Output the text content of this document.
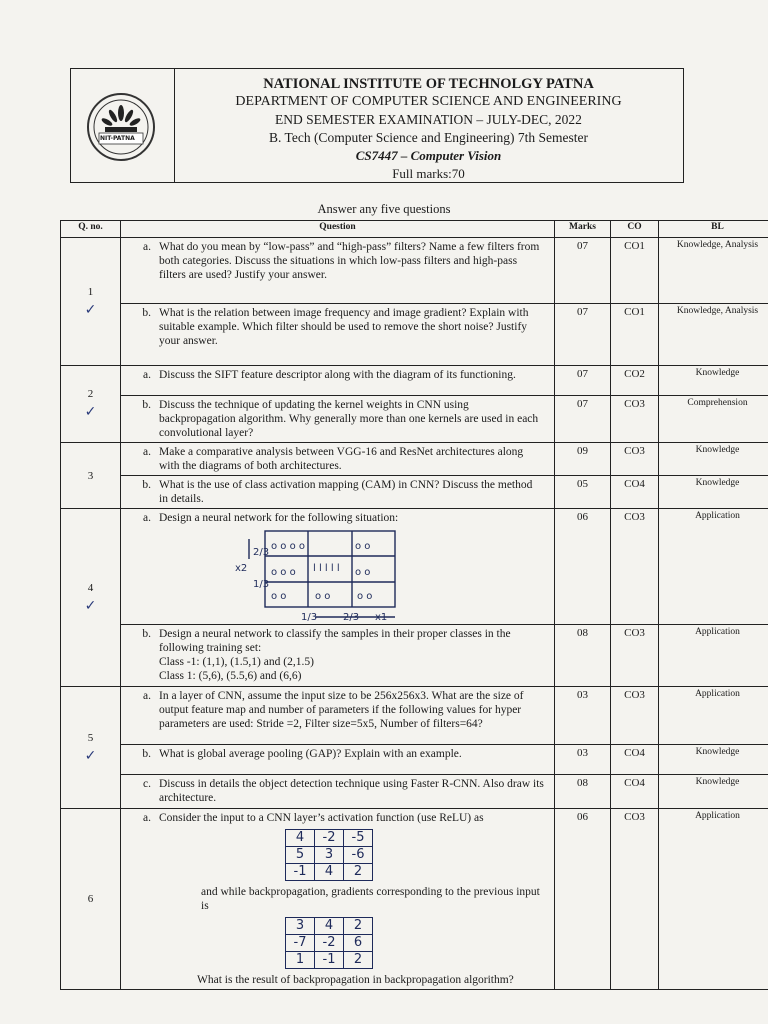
NIT-PATNA
NATIONAL INSTITUTE OF TECHNOLGY PATNA
DEPARTMENT OF COMPUTER SCIENCE AND ENGINEERING
END SEMESTER EXAMINATION – JULY-DEC, 2022
B. Tech (Computer Science and Engineering) 7th Semester
CS7447 – Computer Vision
Full marks:70
Answer any five questions
Q. no.	Question	Marks	CO	BL
1
✓
	a. What do you mean by “low-pass” and “high-pass” filters? Name a few filters from both categories. Discuss the situations in which low-pass filters and high-pass filters are used? Justify your answer.	07	CO1	Knowledge, Analysis
b. What is the relation between image frequency and image gradient? Explain with suitable example. Which filter should be used to remove the short noise? Justify your answer.	07	CO1	Knowledge, Analysis
2
✓
	a. Discuss the SIFT feature descriptor along with the diagram of its functioning.	07	CO2	Knowledge
b. Discuss the technique of updating the kernel weights in CNN using backpropagation algorithm. Why generally more than one kernels are used in each convolutional layer?	07	CO3	Comprehension
3	a. Make a comparative analysis between VGG-16 and ResNet architectures along with the diagrams of both architectures.	09	CO3	Knowledge
b. What is the use of class activation mapping (CAM) in CNN? Discuss the method in details.	05	CO4	Knowledge
4
✓
	a. Design a neural network for the following situation:
o o o o	o o
o o o l l l l l o o
o o	o o	o o
x2
2/3
1/3
1/3	2/3 x1
	06	CO3	Application
b. Design a neural network to classify the samples in their proper classes in the following training set:
Class -1: (1,1), (1.5,1) and (2,1.5)
Class 1: (5,6), (5.5,6) and (6,6)	08	CO3	Application
5
✓
	a. In a layer of CNN, assume the input size to be 256x256x3. What are the size of output feature map and number of parameters if the following values for hyper parameters are used: Stride =2, Filter size=5x5, Number of filters=64?	03	CO3	Application
b. What is global average pooling (GAP)? Explain with an example.	03	CO4	Knowledge
c. Discuss in details the object detection technique using Faster R-CNN. Also draw its architecture.	08	CO4	Knowledge
6	a. Consider the input to a CNN layer’s activation function (use ReLU) as
4	-2	-5
5	3	-6
-1	4	2
and while backpropagation, gradients corresponding to the previous input is
3	4	2
-7	-2	6
1	-1	2
What is the result of backpropagation in backpropagation algorithm?
	06	CO3	Application
